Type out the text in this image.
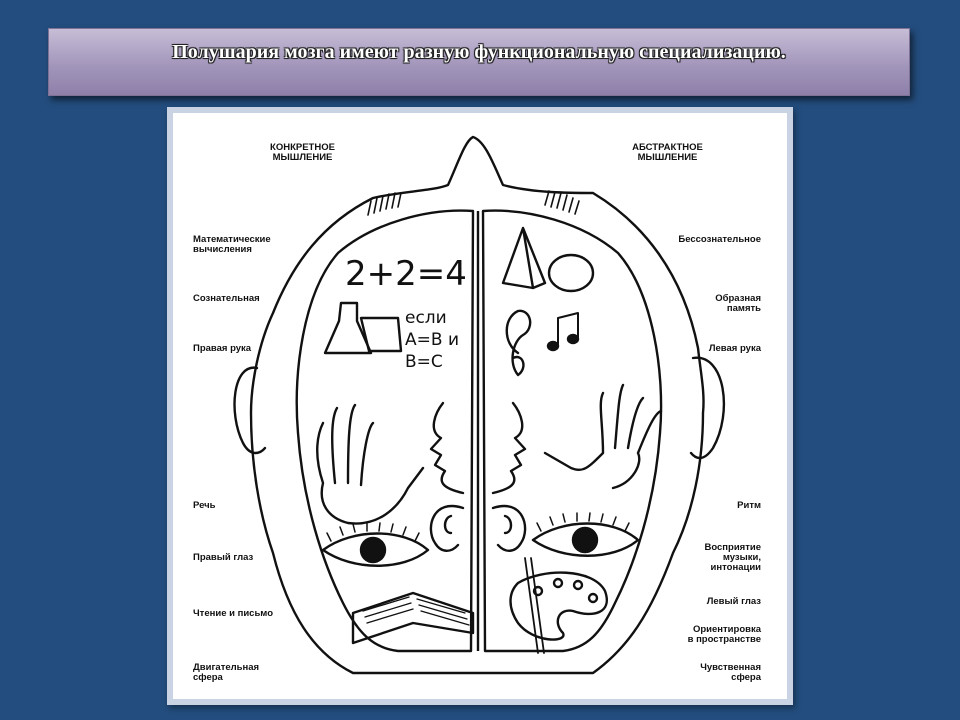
Полушария мозга имеют разную функциональную специализацию.
2+2=4
если
А=В и
В=С
КОНКРЕТНОЕ МЫШЛЕНИЕ
АБСТРАКТНОЕ МЫШЛЕНИЕ
Математические вычисления
Сознательная
Правая рука
Речь
Правый глаз
Чтение и письмо
Двигательная сфера
Бессознательное
Образная память
Левая рука
Ритм
Восприятие музыки, интонации
Левый глаз
Ориентировка в пространстве
Чувственная сфера
